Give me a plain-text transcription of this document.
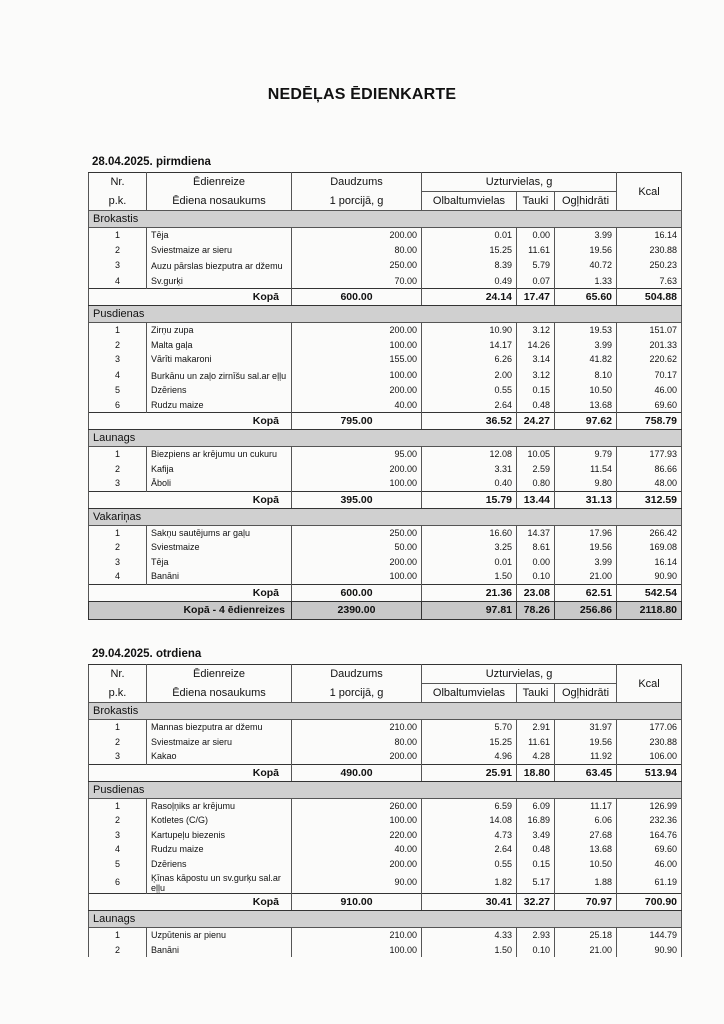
NEDĒĻAS ĒDIENKARTE
28.04.2025. pirmdiena
Nr.	Ēdienreize	Daudzums	Uzturvielas, g			Kcal
p.k.	Ēdiena nosaukums	1 porcijā, g	Olbaltumvielas	Tauki	Ogļhidrāti	
Brokastis						
1	Tēja	200.00	0.01	0.00	3.99	16.14
2	Sviestmaize ar sieru	80.00	15.25	11.61	19.56	230.88
3	Auzu pārslas biezputra ar džemu	250.00	8.39	5.79	40.72	250.23
4	Sv.gurķi	70.00	0.49	0.07	1.33	7.63
Kopā		600.00	24.14	17.47	65.60	504.88
Pusdienas						
1	Zirņu zupa	200.00	10.90	3.12	19.53	151.07
2	Malta gaļa	100.00	14.17	14.26	3.99	201.33
3	Vārīti makaroni	155.00	6.26	3.14	41.82	220.62
4	Burkānu un zaļo zirnīšu sal.ar eļļu	100.00	2.00	3.12	8.10	70.17
5	Dzēriens	200.00	0.55	0.15	10.50	46.00
6	Rudzu maize	40.00	2.64	0.48	13.68	69.60
Kopā		795.00	36.52	24.27	97.62	758.79
Launags						
1	Biezpiens ar krējumu un cukuru	95.00	12.08	10.05	9.79	177.93
2	Kafija	200.00	3.31	2.59	11.54	86.66
3	Āboli	100.00	0.40	0.80	9.80	48.00
Kopā		395.00	15.79	13.44	31.13	312.59
Vakariņas						
1	Sakņu sautējums ar gaļu	250.00	16.60	14.37	17.96	266.42
2	Sviestmaize	50.00	3.25	8.61	19.56	169.08
3	Tēja	200.00	0.01	0.00	3.99	16.14
4	Banāni	100.00	1.50	0.10	21.00	90.90
Kopā		600.00	21.36	23.08	62.51	542.54
Kopā - 4 ēdienreizes		2390.00	97.81	78.26	256.86	2118.80
29.04.2025. otrdiena
Nr.	Ēdienreize	Daudzums	Uzturvielas, g			Kcal
p.k.	Ēdiena nosaukums	1 porcijā, g	Olbaltumvielas	Tauki	Ogļhidrāti	
Brokastis						
1	Mannas biezputra ar džemu	210.00	5.70	2.91	31.97	177.06
2	Sviestmaize ar sieru	80.00	15.25	11.61	19.56	230.88
3	Kakao	200.00	4.96	4.28	11.92	106.00
Kopā		490.00	25.91	18.80	63.45	513.94
Pusdienas						
1	Rasoļņiks ar krējumu	260.00	6.59	6.09	11.17	126.99
2	Kotletes (C/G)	100.00	14.08	16.89	6.06	232.36
3	Kartupeļu biezenis	220.00	4.73	3.49	27.68	164.76
4	Rudzu maize	40.00	2.64	0.48	13.68	69.60
5	Dzēriens	200.00	0.55	0.15	10.50	46.00
6	Ķīnas kāpostu un sv.gurķu sal.ar eļļu	90.00	1.82	5.17	1.88	61.19
Kopā		910.00	30.41	32.27	70.97	700.90
Launags						
1	Uzpūtenis ar pienu	210.00	4.33	2.93	25.18	144.79
2	Banāni	100.00	1.50	0.10	21.00	90.90
